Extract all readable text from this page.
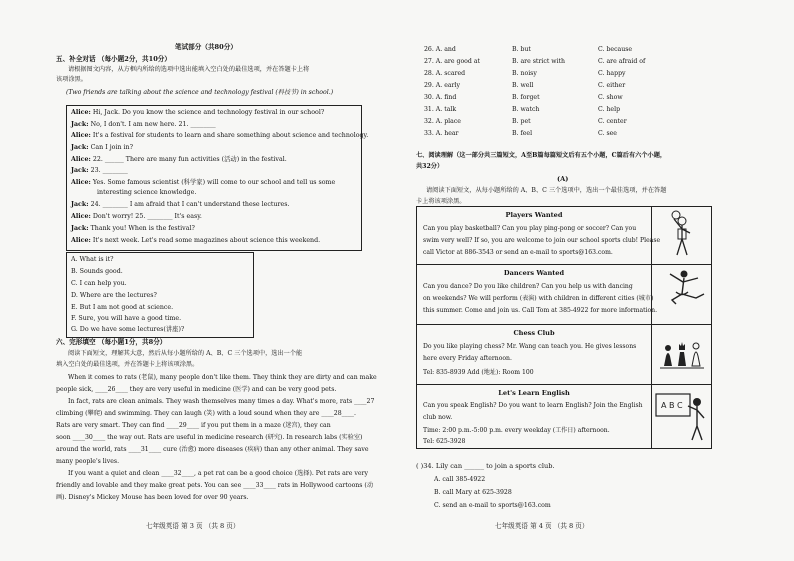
笔试部分（共80分）
五、补全对话 （每小题2分，共10分）
请根据图文内容，从方框内所给的选项中选出能填入空白处的最佳选项，并在答题卡上将
该项涂黑。
(Two friends are talking about the science and technology festival (科技节) in school.)
Alice: Hi, Jack. Do you know the science and technology festival in our school?
Jack: No, I don't. I am new here. 21. ________
Alice: It's a festival for students to learn and share something about science and technology.
Jack: Can I join in?
Alice: 22. ______ There are many fun activities (活动) in the festival.
Jack: 23. ________
Alice: Yes. Some famous scientist (科学家) will come to our school and tell us some
interesting science knowledge.
Jack: 24. ________ I am afraid that I can't understand these lectures.
Alice: Don't worry! 25. ________ It's easy.
Jack: Thank you! When is the festival?
Alice: It's next week. Let's read some magazines about science this weekend.
A. What is it?
B. Sounds good.
C. I can help you.
D. Where are the lectures?
E. But I am not good at science.
F. Sure, you will have a good time.
G. Do we have some lectures(讲座)?
六、完形填空 （每小题1分，共8分）
阅读下面短文，理解其大意，然后从每小题所给的 A、B、C 三个选项中，选出一个能
填入空白处的最佳选项，并在答题卡上将该项涂黑。
When it comes to rats (老鼠), many people don't like them. They think they are dirty and can make
people sick, ____26____ they are very useful in medicine (医学) and can be very good pets.
In fact, rats are clean animals. They wash themselves many times a day. What's more, rats ____27
climbing (攀爬) and swimming. They can laugh (笑) with a loud sound when they are ____28____.
Rats are very smart. They can find ____29____ if you put them in a maze (迷宫), they can
soon ____30____ the way out. Rats are useful in medicine research (研究). In research labs (实验室)
around the world, rats ____31____ cure (治愈) more diseases (疾病) than any other animal. They save
many people's lives.
If you want a quiet and clean ____32____, a pet rat can be a good choice (选择). Pet rats are very
friendly and lovable and they make great pets. You can see ____33____ rats in Hollywood cartoons (动
画). Disney's Mickey Mouse has been loved for over 90 years.
七年级英语 第 3 页 （共 8 页）
26. A. and	B. but	C. because
27. A. are good at	B. are strict with	C. are afraid of
28. A. scared	B. noisy	C. happy
29. A. early	B. well	C. either
30. A. find	B. forget	C. show
31. A. talk	B. watch	C. help
32. A. place	B. pet	C. center
33. A. hear	B. feel	C. see
七、阅读理解（这一部分共三篇短文，A至B篇每篇短文后有五个小题，C篇后有六个小题，
共32分）
(A)
请阅读下面短文，从每小题所给的 A、B、C 三个选项中，选出一个最佳选项，并在答题
卡上将该项涂黑。
Players Wanted
Can you play basketball? Can you play ping-pong or soccer? Can you
swim very well? If so, you are welcome to join our school sports club! Please
call Victor at 886-3543 or send an e-mail to sports@163.com.
Dancers Wanted
Can you dance? Do you like children? Can you help us with dancing
on weekends? We will perform (表演) with children in different cities (城市)
this summer. Come and join us. Call Tom at 385-4922 for more information.
Chess Club
Do you like playing chess? Mr. Wang can teach you. He gives lessons
here every Friday afternoon.
Tel: 835-8939 Add (地址): Room 100
Let's Learn English
Can you speak English? Do you want to learn English? Join the English
club now.
Time: 2:00 p.m.-5:00 p.m. every weekday (工作日) afternoon.
Tel: 625-3928
A B C
( )34. Lily can ______ to join a sports club.
A. call 385-4922
B. call Mary at 625-3928
C. send an e-mail to sports@163.com
七年级英语 第 4 页 （共 8 页）
